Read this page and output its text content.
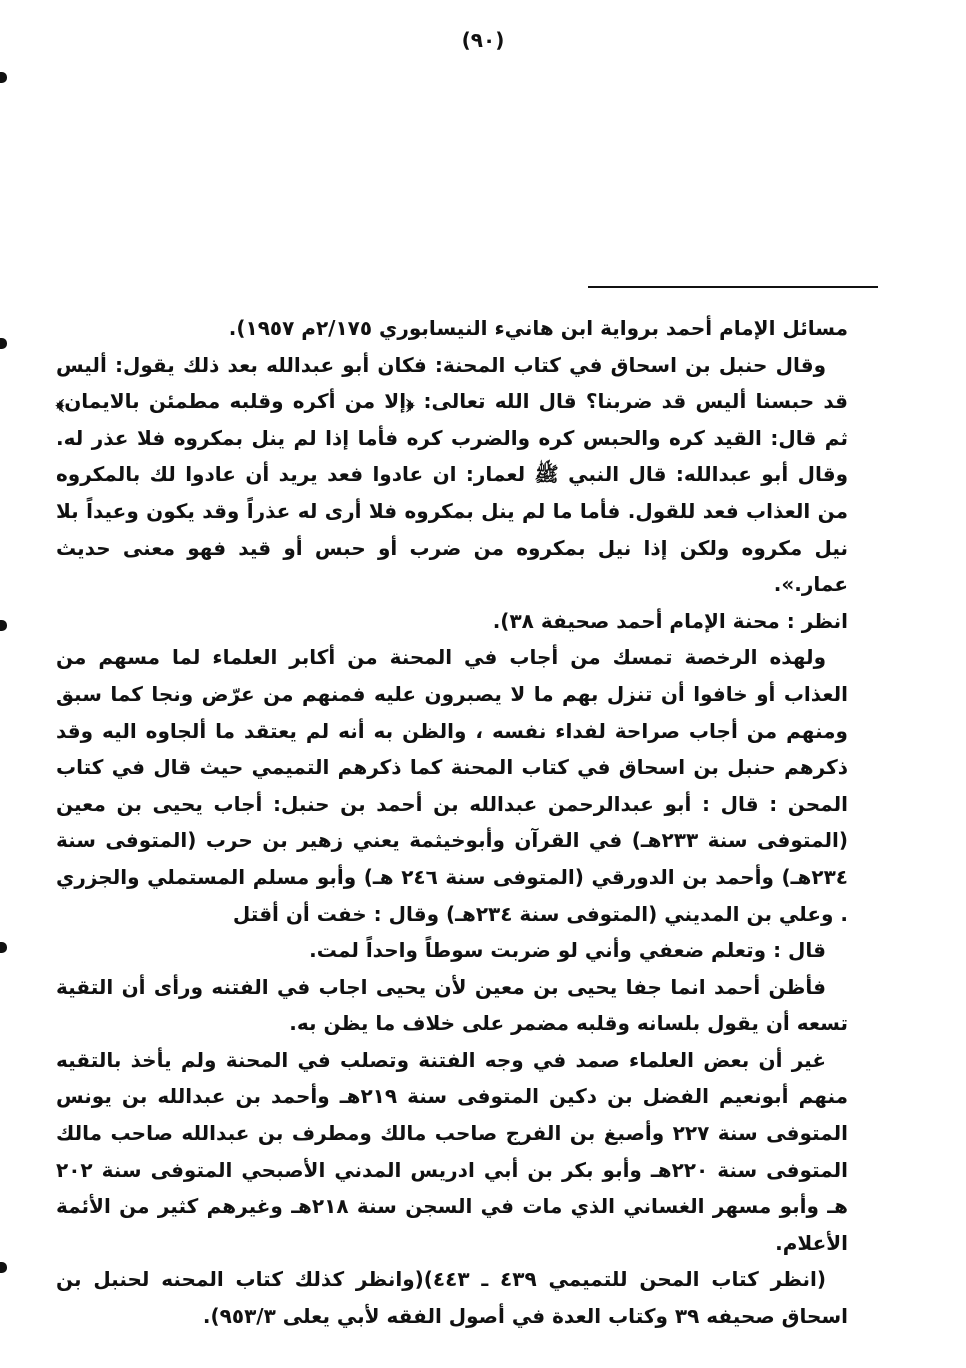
(٩٠)

مسائل الإمام أحمد برواية ابن هانيء النيسابوري ٢/١٧٥م ١٩٥٧).

وقال حنبل بن اسحاق في كتاب المحنة: فكان أبو عبدالله بعد ذلك يقول: أليس قد حبسنا أليس قد ضربنا؟ قال الله تعالى: ﴿إلا من أكره وقلبه مطمئن بالايمان﴾ ثم قال: القيد كره والحبس كره والضرب كره فأما إذا لم ينل بمكروه فلا عذر له. وقال أبو عبدالله: قال النبي ﷺ لعمار: ان عادوا فعد يريد أن عادوا لك بالمكروه من العذاب فعد للقول. فأما ما لم ينل بمكروه فلا أرى له عذراً وقد يكون وعيداً بلا نيل مكروه ولكن إذا نيل بمكروه من ضرب أو حبس أو قيد فهو معنى حديث عمار.».

انظر : محنة الإمام أحمد صحيفة ٣٨).

ولهذه الرخصة تمسك من أجاب في المحنة من أكابر العلماء لما مسهم من العذاب أو خافوا أن تنزل بهم ما لا يصبرون عليه فمنهم من عرّض ونجا كما سبق ومنهم من أجاب صراحة لفداء نفسه ، والظن به أنه لم يعتقد ما ألجاوه اليه وقد ذكرهم حنبل بن اسحاق في كتاب المحنة كما ذكرهم التميمي حيث قال في كتاب المحن : قال : أبو عبدالرحمن عبدالله بن أحمد بن حنبل: أجاب يحيى بن معين (المتوفى سنة ٢٣٣هـ) في القرآن وأبوخيثمة يعني زهير بن حرب (المتوفى سنة ٢٣٤هـ) وأحمد بن الدورقي (المتوفى سنة ٢٤٦ هـ) وأبو مسلم المستملي والجزري . وعلي بن المديني (المتوفى سنة ٢٣٤هـ) وقال : خفت أن أقتل

قال : وتعلم ضعفي وأني لو ضربت سوطاً واحداً لمت.

فأظن أحمد انما جفا يحيى بن معين لأن يحيى اجاب في الفتنه ورأى أن التقية تسعه أن يقول بلسانه وقلبه مضمر على خلاف ما يظن به.

غير أن بعض العلماء صمد في وجه الفتنة وتصلب في المحنة ولم يأخذ بالتقيه منهم أبونعيم الفضل بن دكين المتوفى سنة ٢١٩هـ وأحمد بن عبدالله بن يونس المتوفى سنة ٢٢٧ وأصبغ بن الفرج صاحب مالك ومطرف بن عبدالله صاحب مالك المتوفى سنة ٢٢٠هـ وأبو بكر بن أبي ادريس المدني الأصبحي المتوفى سنة ٢٠٢ هـ وأبو مسهر الغساني الذي مات في السجن سنة ٢١٨هـ وغيرهم كثير من الأئمة الأعلام.

(انظر كتاب المحن للتميمي ٤٣٩ ـ ٤٤٣)(وانظر كذلك كتاب المحنه لحنبل بن اسحاق صحيفه ٣٩ وكتاب العدة في أصول الفقه لأبي يعلى ٩٥٣/٣).
